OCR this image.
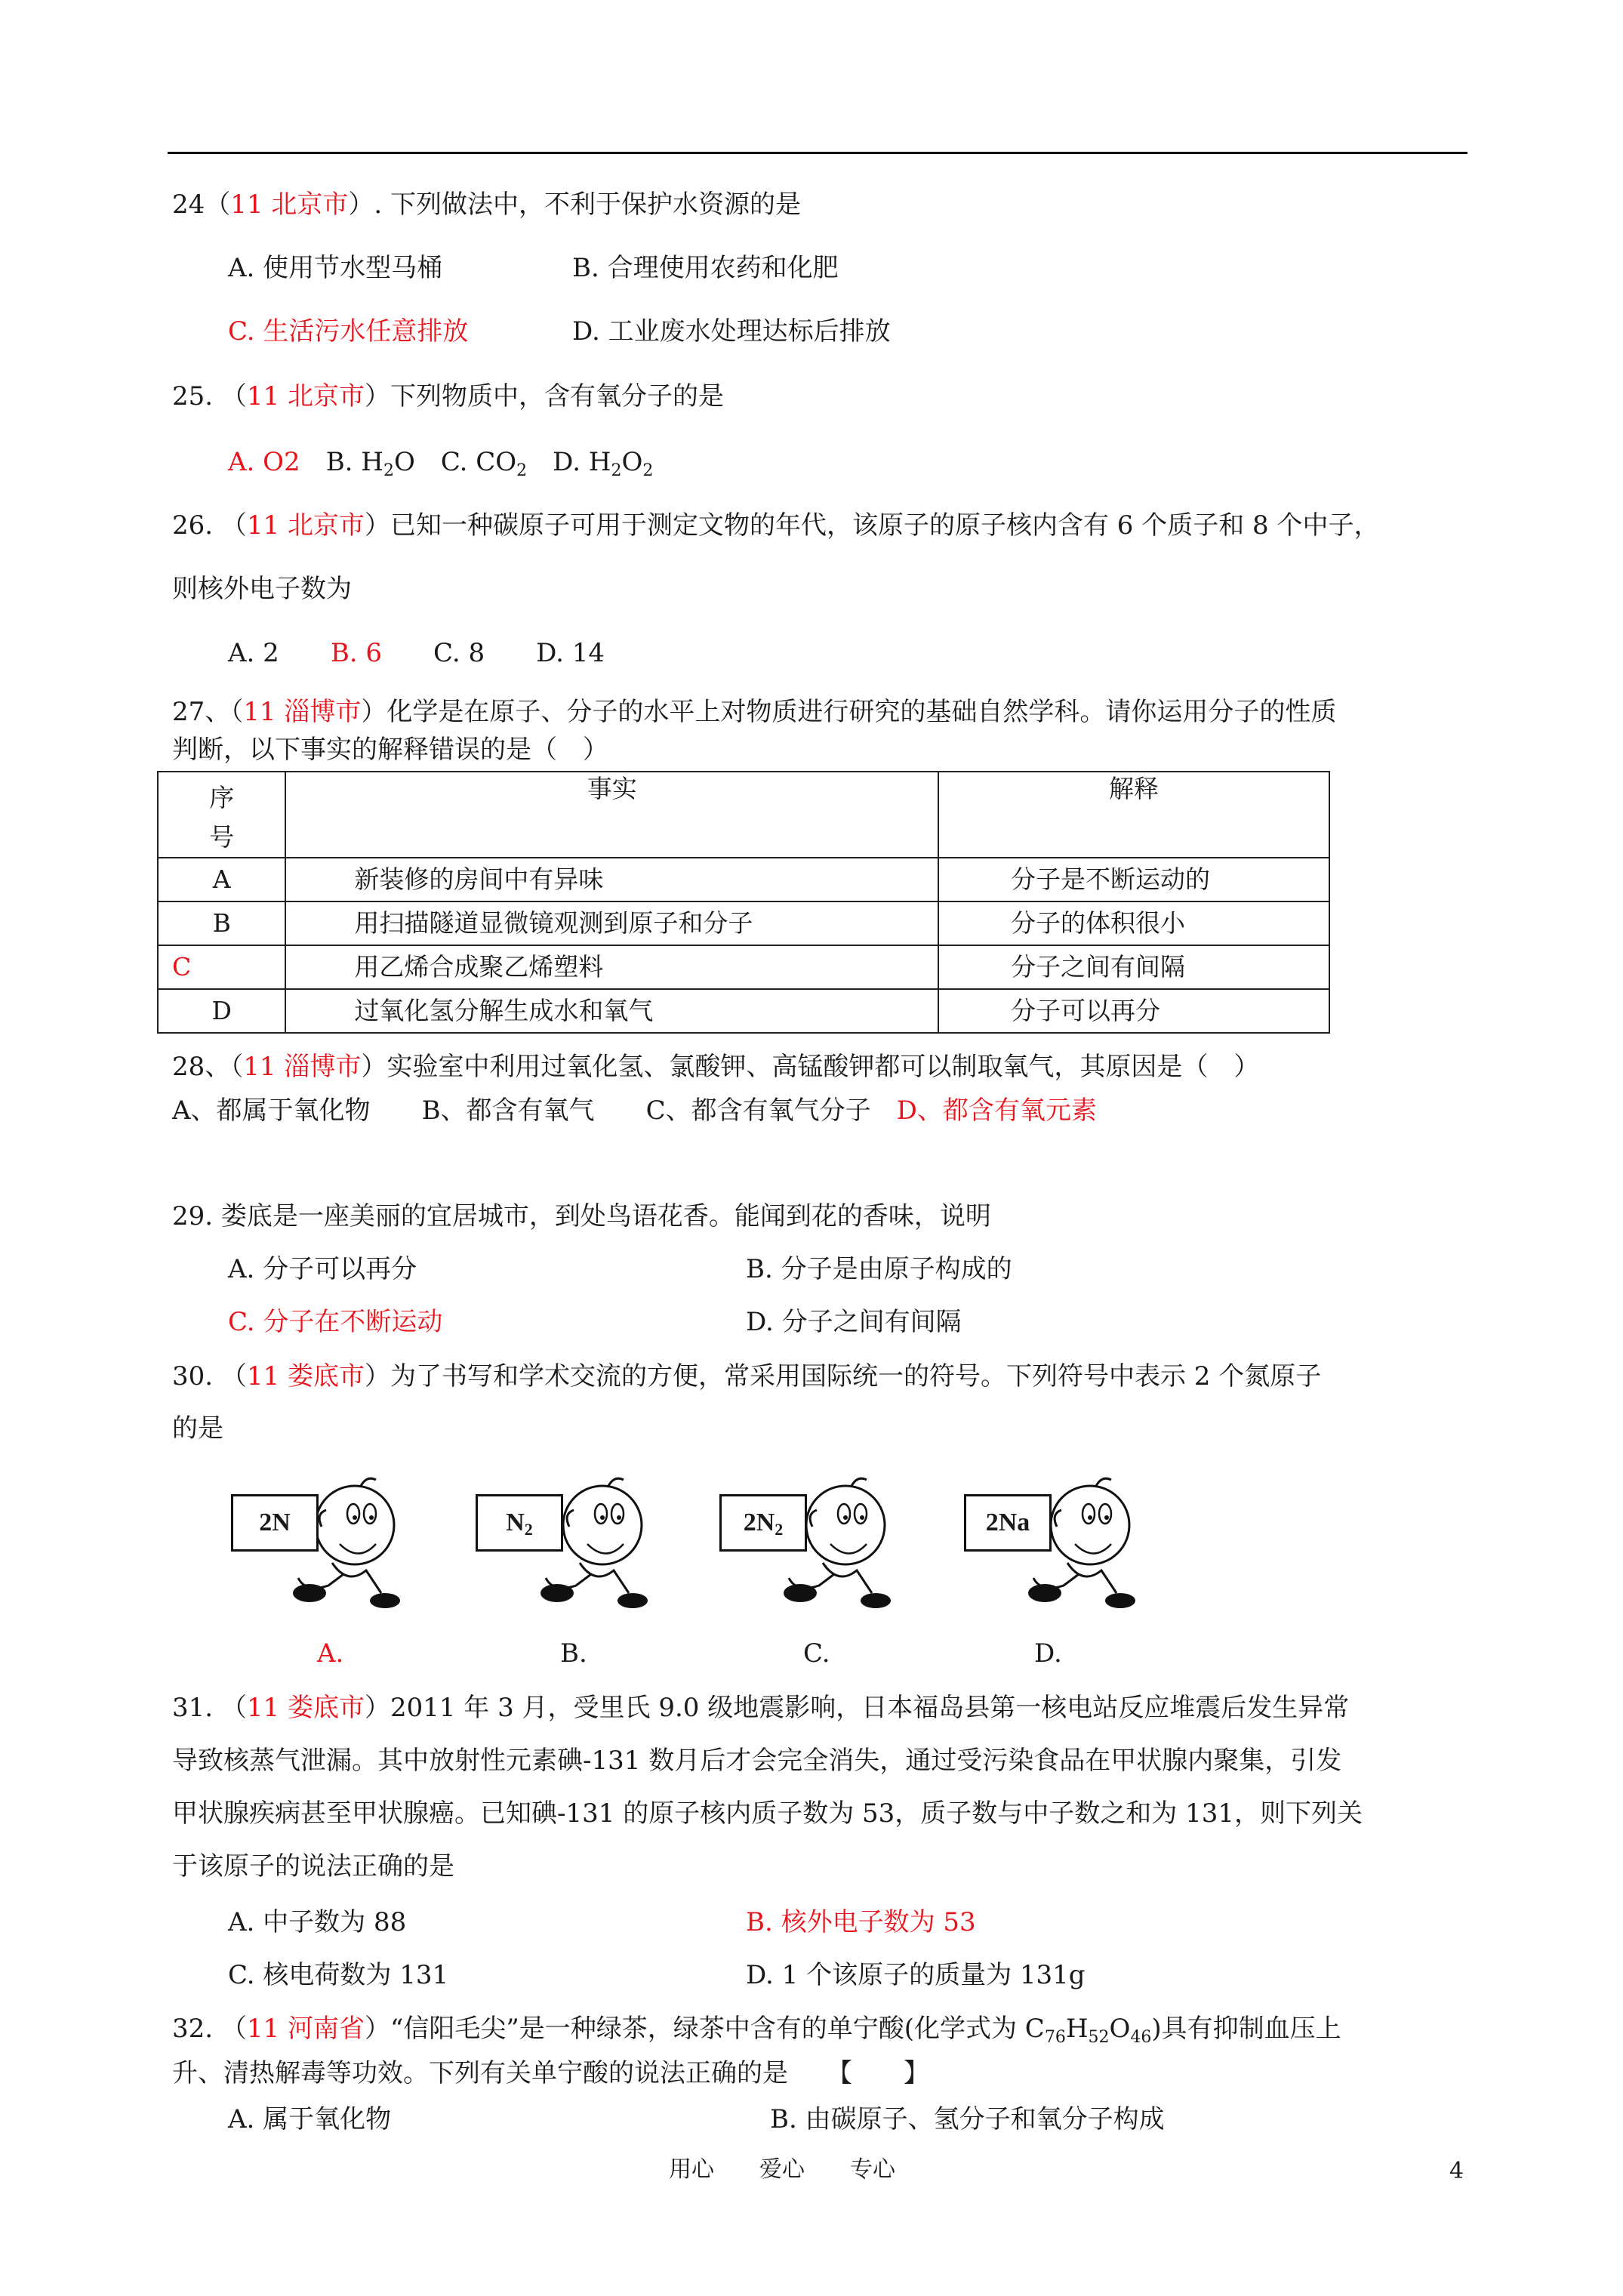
24（11 北京市）. 下列做法中，不利于保护水资源的是
A. 使用节水型马桶	B. 合理使用农药和化肥
C. 生活污水任意排放	D. 工业废水处理达标后排放
25. （11 北京市）下列物质中，含有氧分子的是
A. O2　 B. $H_2O$　 C. $CO_2$　 D. $H_2O_2$
26. （11 北京市）已知一种碳原子可用于测定文物的年代，该原子的原子核内含有 6 个质子和 8 个中子，
则核外电子数为
A. 2　　 B. 6　　 C. 8　　 D. 14
27、（11 淄博市）化学是在原子、分子的水平上对物质进行研究的基础自然学科。请你运用分子的性质
判断，以下事实的解释错误的是（　）
序
号	事实	解释
A	新装修的房间中有异味	分子是不断运动的
B	用扫描隧道显微镜观测到原子和分子	分子的体积很小
C	用乙烯合成聚乙烯塑料	分子之间有间隔
D	过氧化氢分解生成水和氧气	分子可以再分
28、（11 淄博市）实验室中利用过氧化氢、氯酸钾、高锰酸钾都可以制取氧气，其原因是（　）
A、都属于氧化物　　 B、都含有氧气　　 C、都含有氧气分子　 D、都含有氧元素
29. 娄底是一座美丽的宜居城市，到处鸟语花香。能闻到花的香味，说明
A. 分子可以再分	B. 分子是由原子构成的
C. 分子在不断运动	D. 分子之间有间隔
30. （11 娄底市）为了书写和学术交流的方便，常采用国际统一的符号。下列符号中表示 2 个氮原子
的是
2N	$N_2$	$2N_2$	2Na
A.	B.	C.	D.
31. （11 娄底市）2011 年 3 月，受里氏 9.0 级地震影响，日本福岛县第一核电站反应堆震后发生异常
导致核蒸气泄漏。其中放射性元素碘-131 数月后才会完全消失，通过受污染食品在甲状腺内聚集，引发
甲状腺疾病甚至甲状腺癌。已知碘-131 的原子核内质子数为 53，质子数与中子数之和为 131，则下列关
于该原子的说法正确的是
A. 中子数为 88	B. 核外电子数为 53
C. 核电荷数为 131	D. 1 个该原子的质量为 131g
32. （11 河南省）“信阳毛尖”是一种绿茶，绿茶中含有的单宁酸(化学式为 $C_{76}H_{52}O_{46}$)具有抑制血压上
升、清热解毒等功效。下列有关单宁酸的说法正确的是　　【　　】
A. 属于氧化物	B. 由碳原子、氢分子和氧分子构成
用心　　爱心　　专心	4
